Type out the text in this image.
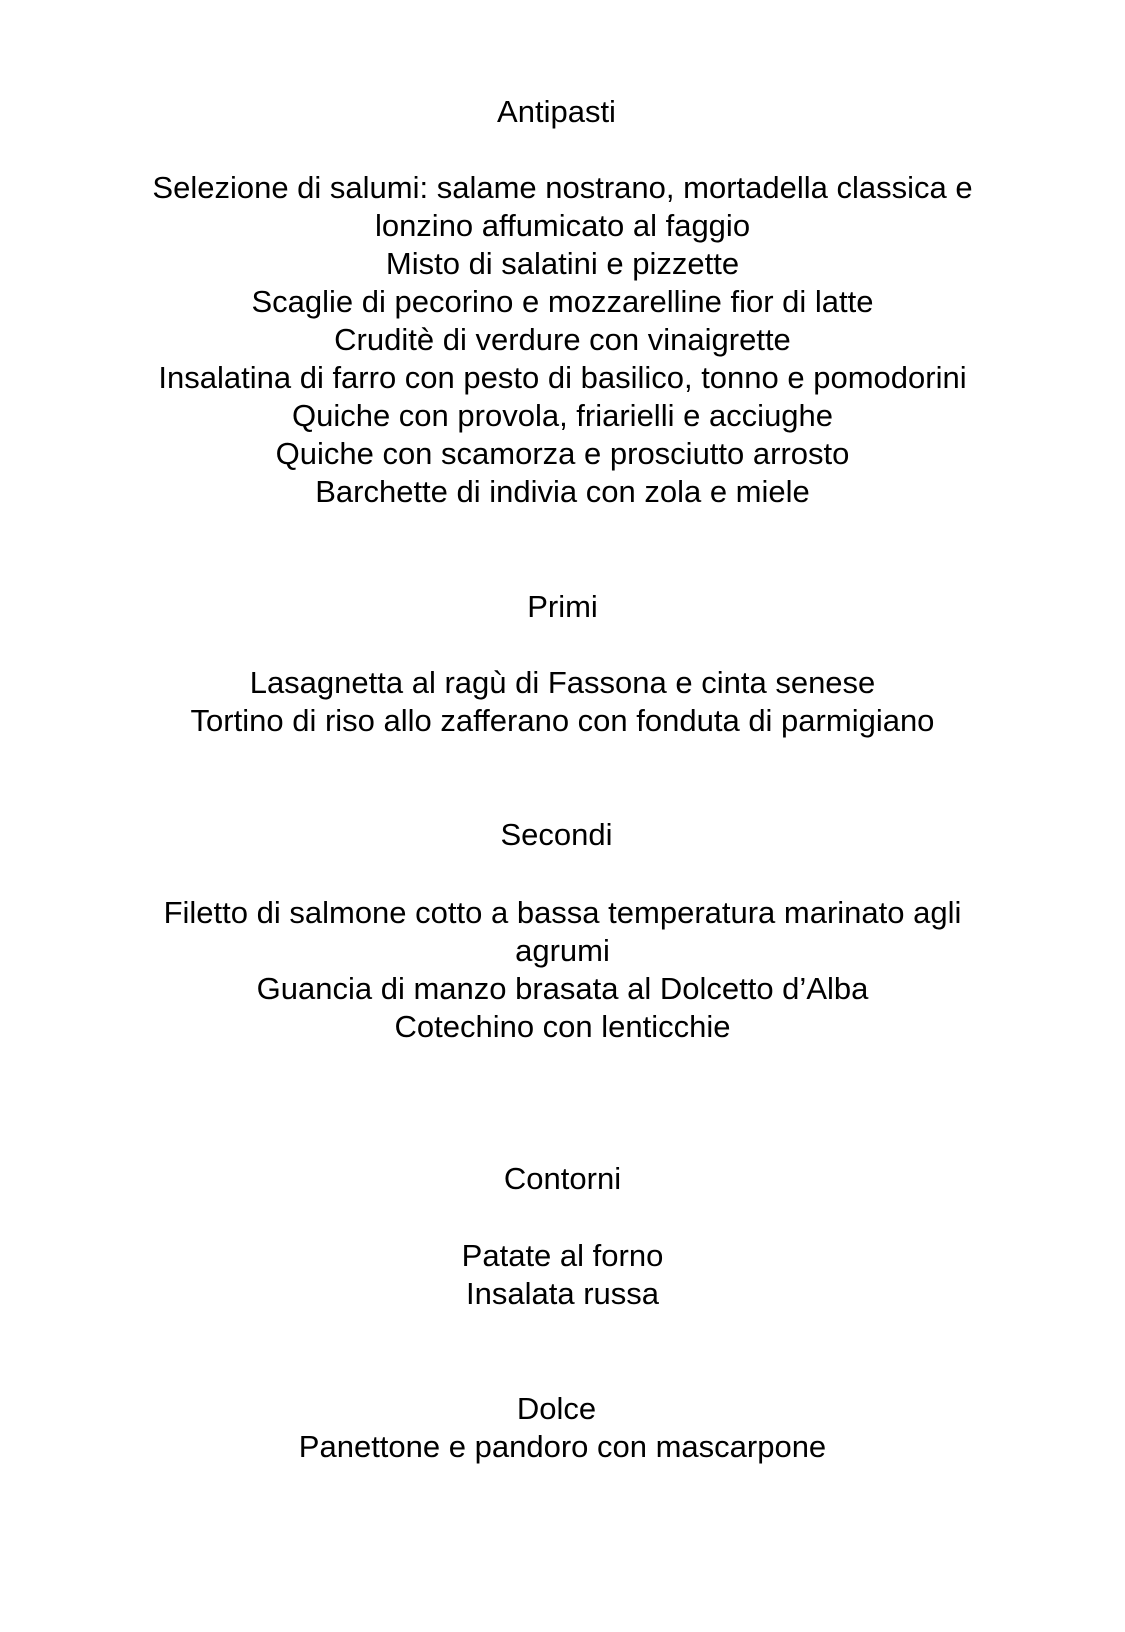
Antipasti
Selezione di salumi: salame nostrano, mortadella classica e
lonzino affumicato al faggio
Misto di salatini e pizzette
Scaglie di pecorino e mozzarelline fior di latte
Cruditè di verdure con vinaigrette
Insalatina di farro con pesto di basilico, tonno e pomodorini
Quiche con provola, friarielli e acciughe
Quiche con scamorza e prosciutto arrosto
Barchette di indivia con zola e miele
Primi
Lasagnetta al ragù di Fassona e cinta senese
Tortino di riso allo zafferano con fonduta di parmigiano
Secondi
Filetto di salmone cotto a bassa temperatura marinato agli
agrumi
Guancia di manzo brasata al Dolcetto d’Alba
Cotechino con lenticchie
Contorni
Patate al forno
Insalata russa
Dolce
Panettone e pandoro con mascarpone
